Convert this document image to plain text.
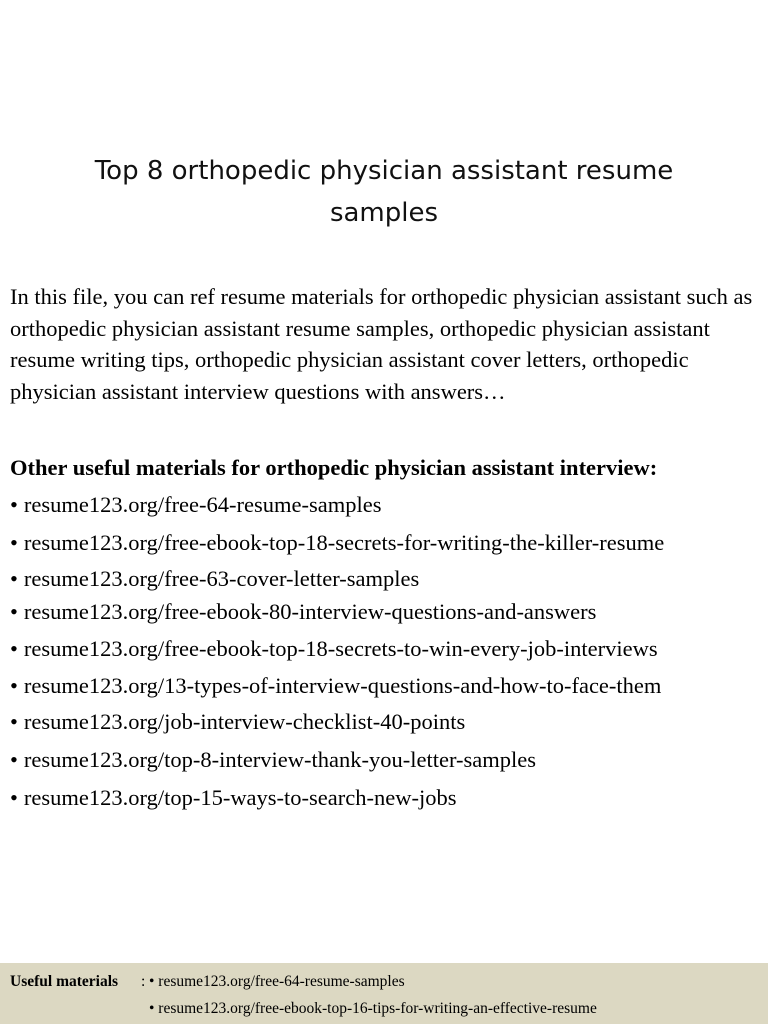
Top 8 orthopedic physician assistant resume samples

In this file, you can ref resume materials for orthopedic physician assistant such as orthopedic physician assistant resume samples, orthopedic physician assistant resume writing tips, orthopedic physician assistant cover letters, orthopedic physician assistant interview questions with answers…

Other useful materials for orthopedic physician assistant interview:
• resume123.org/free-64-resume-samples
• resume123.org/free-ebook-top-18-secrets-for-writing-the-killer-resume
• resume123.org/free-63-cover-letter-samples
• resume123.org/free-ebook-80-interview-questions-and-answers
• resume123.org/free-ebook-top-18-secrets-to-win-every-job-interviews
• resume123.org/13-types-of-interview-questions-and-how-to-face-them
• resume123.org/job-interview-checklist-40-points
• resume123.org/top-8-interview-thank-you-letter-samples
• resume123.org/top-15-ways-to-search-new-jobs
Useful materials : • resume123.org/free-64-resume-samples
• resume123.org/free-ebook-top-16-tips-for-writing-an-effective-resume
